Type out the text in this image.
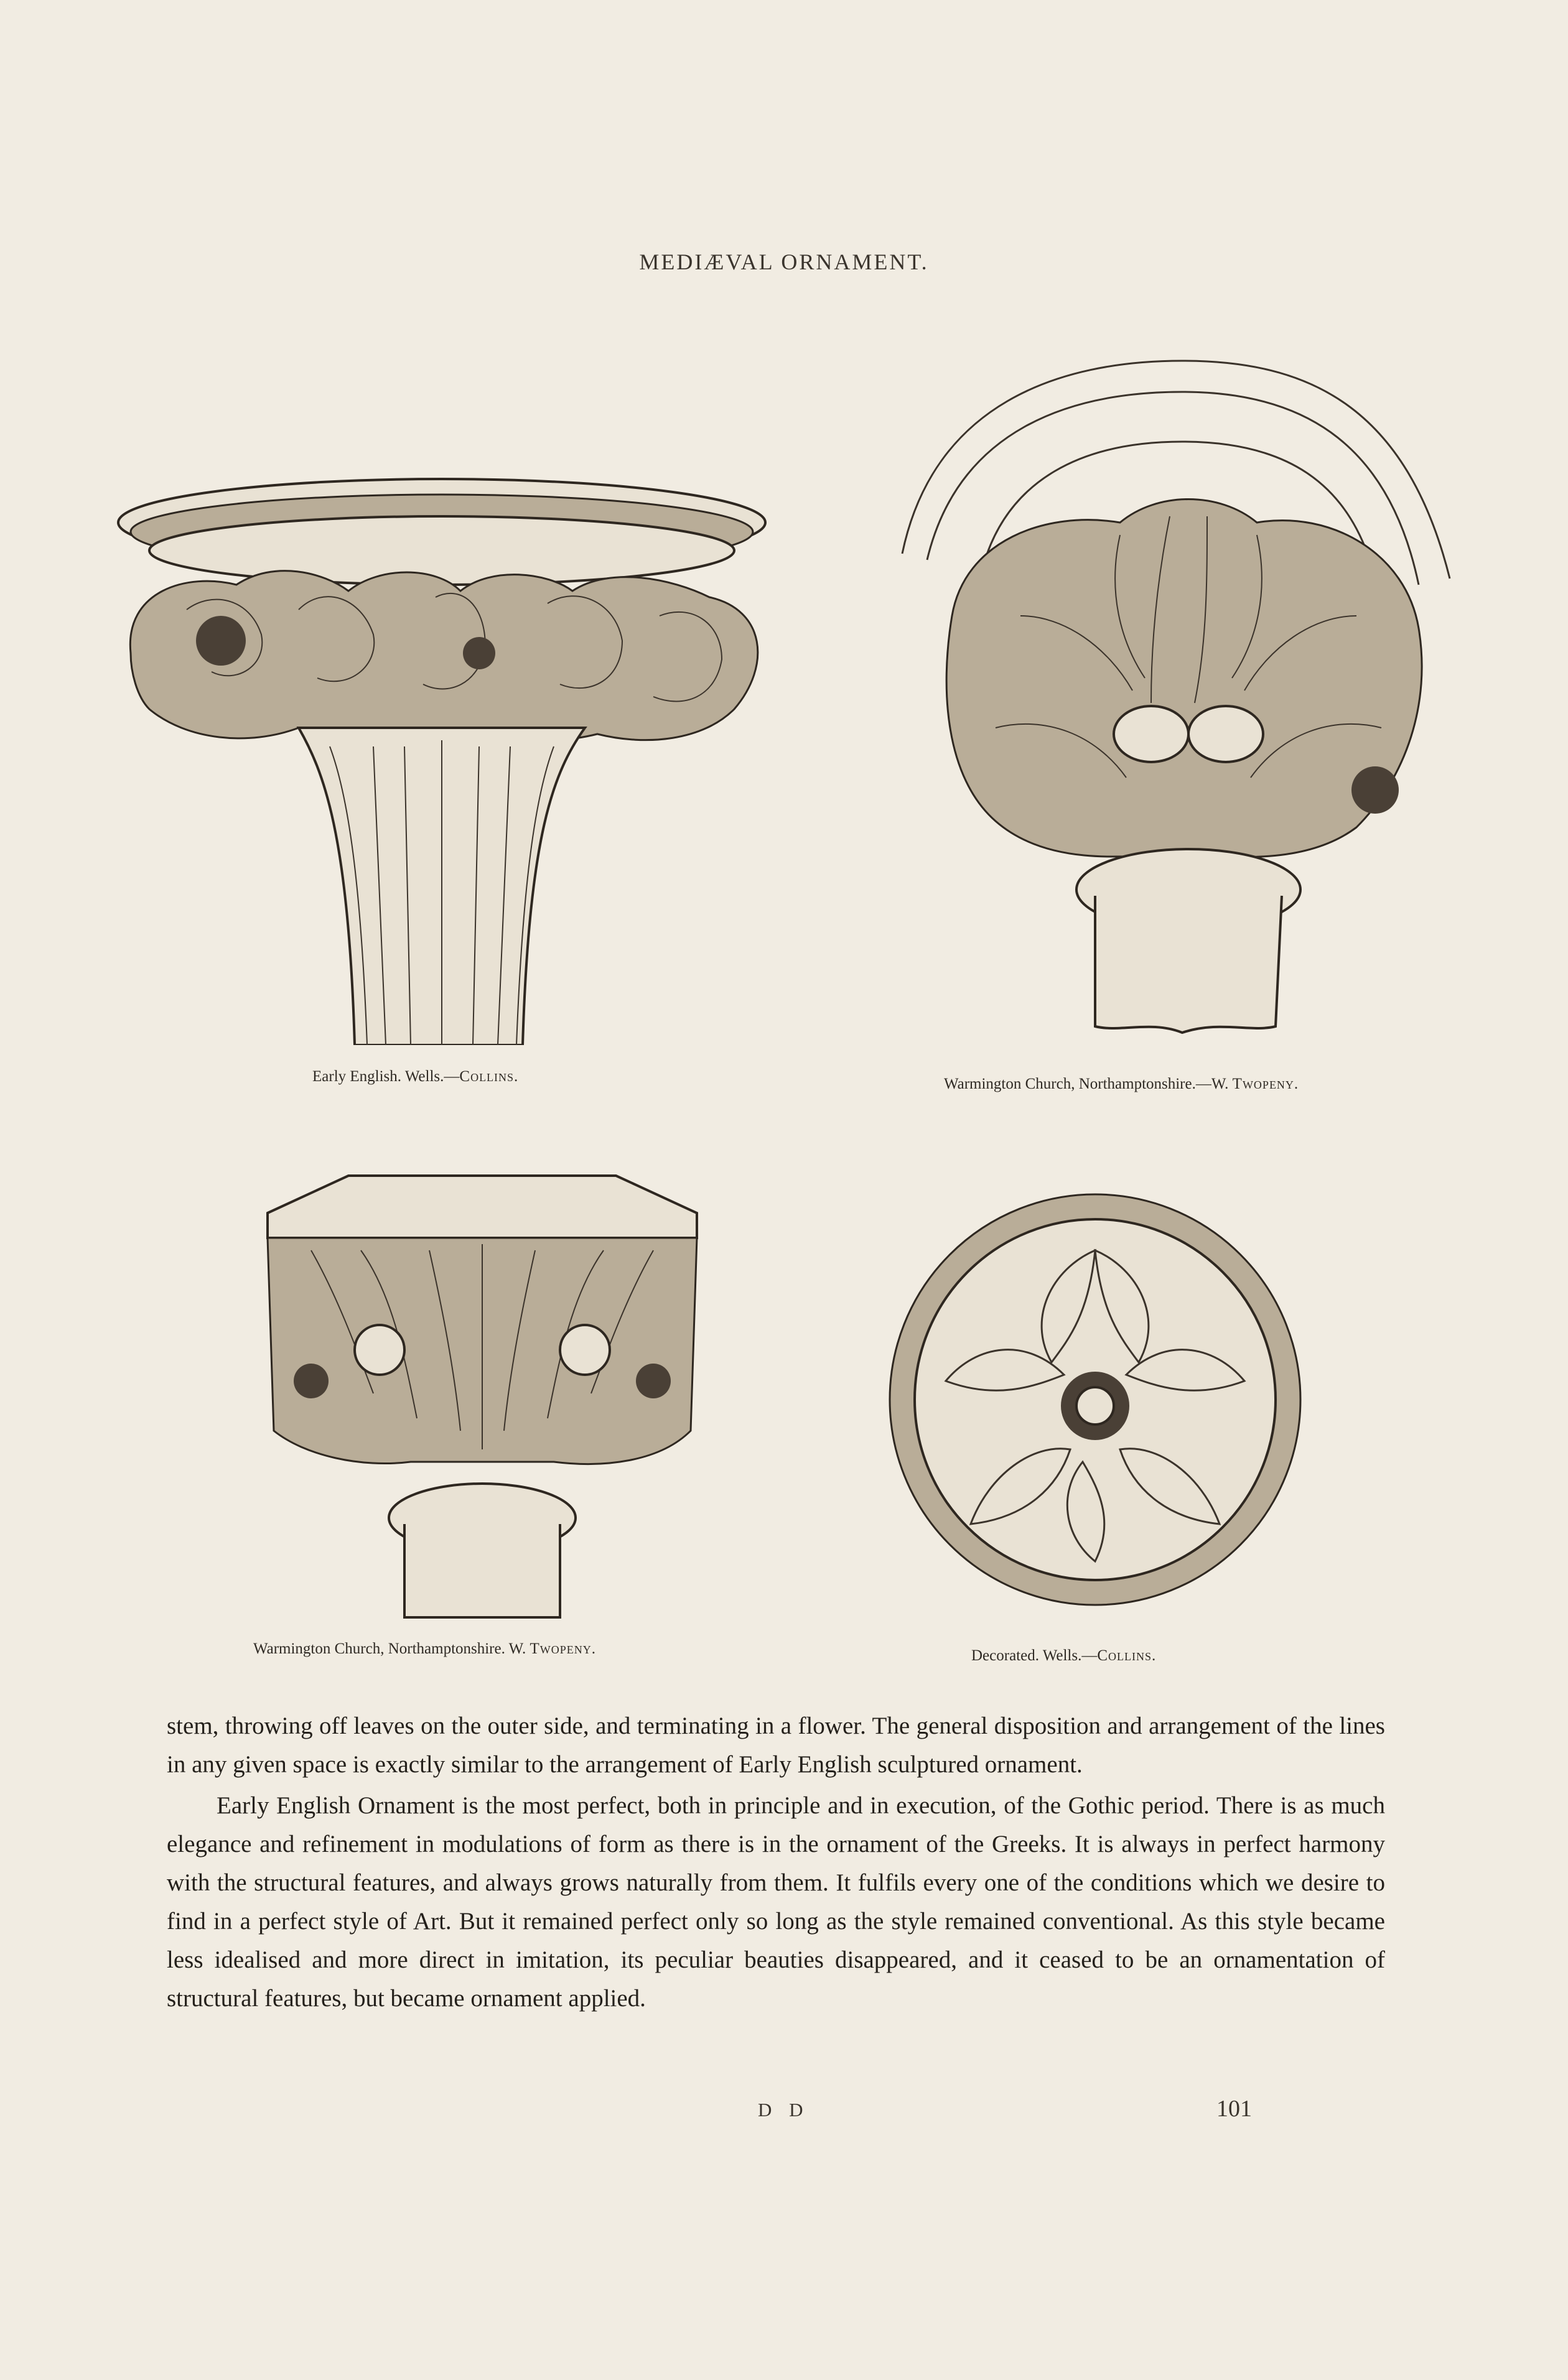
MEDIÆVAL ORNAMENT.
Early English. Wells.—Collins.	Warmington Church, Northamptonshire.—W. Twopeny.
Warmington Church, Northamptonshire. W. Twopeny.	Decorated. Wells.—Collins.

stem, throwing off leaves on the outer side, and terminating in a flower. The general disposition and arrangement of the lines in any given space is exactly similar to the arrangement of Early English sculptured ornament.

Early English Ornament is the most perfect, both in principle and in execution, of the Gothic period. There is as much elegance and refinement in modulations of form as there is in the ornament of the Greeks. It is always in perfect harmony with the structural features, and always grows naturally from them. It fulfils every one of the conditions which we desire to find in a perfect style of Art. But it remained perfect only so long as the style remained conventional. As this style became less idealised and more direct in imitation, its peculiar beauties disappeared, and it ceased to be an ornamentation of structural features, but became ornament applied.

D D	101
